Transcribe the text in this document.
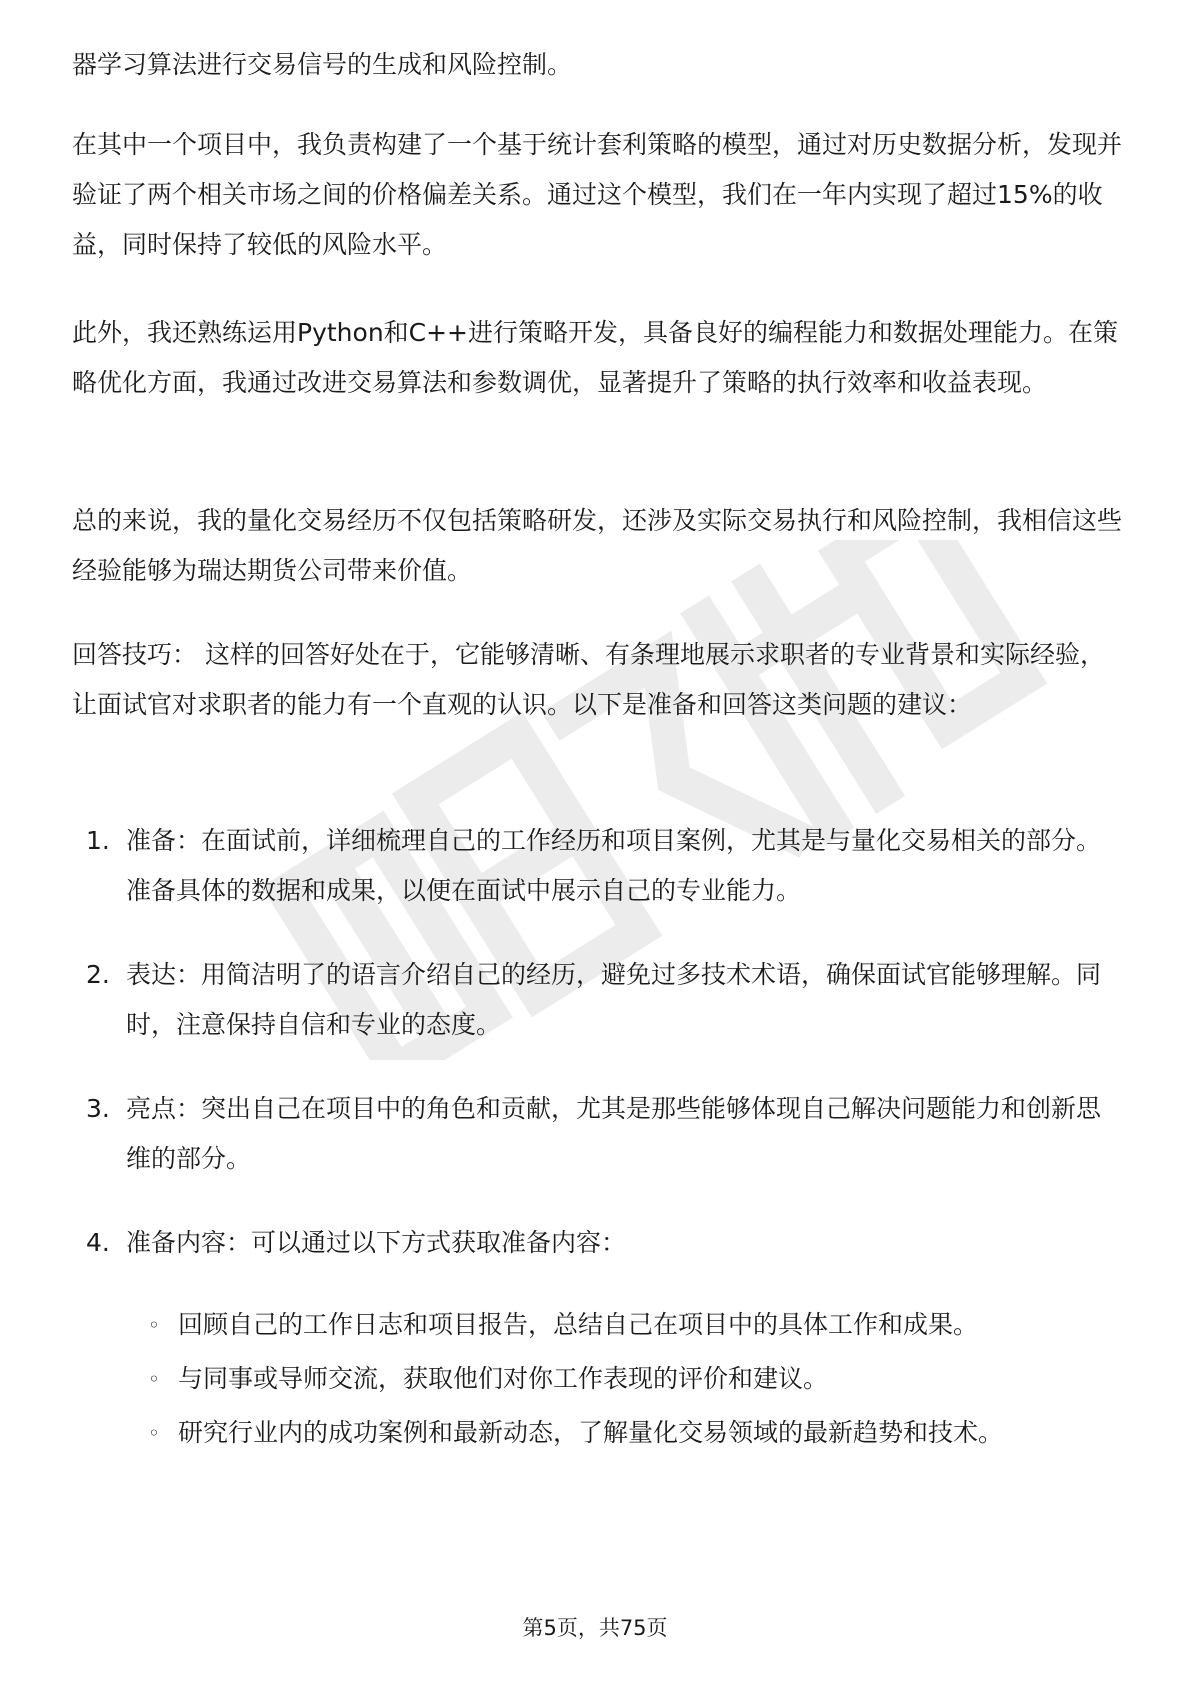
器学习算法进行交易信号的生成和风险控制。

在其中一个项目中，我负责构建了一个基于统计套利策略的模型，通过对历史数据分析，发现并验证了两个相关市场之间的价格偏差关系。通过这个模型，我们在一年内实现了超过15%的收益，同时保持了较低的风险水平。

此外，我还熟练运用Python和C++进行策略开发，具备良好的编程能力和数据处理能力。在策略优化方面，我通过改进交易算法和参数调优，显著提升了策略的执行效率和收益表现。

总的来说，我的量化交易经历不仅包括策略研发，还涉及实际交易执行和风险控制，我相信这些经验能够为瑞达期货公司带来价值。

回答技巧： 这样的回答好处在于，它能够清晰、有条理地展示求职者的专业背景和实际经验，让面试官对求职者的能力有一个直观的认识。以下是准备和回答这类问题的建议：

1. 准备：在面试前，详细梳理自己的工作经历和项目案例，尤其是与量化交易相关的部分。准备具体的数据和成果，以便在面试中展示自己的专业能力。
2. 表达：用简洁明了的语言介绍自己的经历，避免过多技术术语，确保面试官能够理解。同时，注意保持自信和专业的态度。
3. 亮点：突出自己在项目中的角色和贡献，尤其是那些能够体现自己解决问题能力和创新思维的部分。
4. 准备内容：可以通过以下方式获取准备内容：
◦ 回顾自己的工作日志和项目报告，总结自己在项目中的具体工作和成果。
◦ 与同事或导师交流，获取他们对你工作表现的评价和建议。
◦ 研究行业内的成功案例和最新动态，了解量化交易领域的最新趋势和技术。
第5页，共75页
